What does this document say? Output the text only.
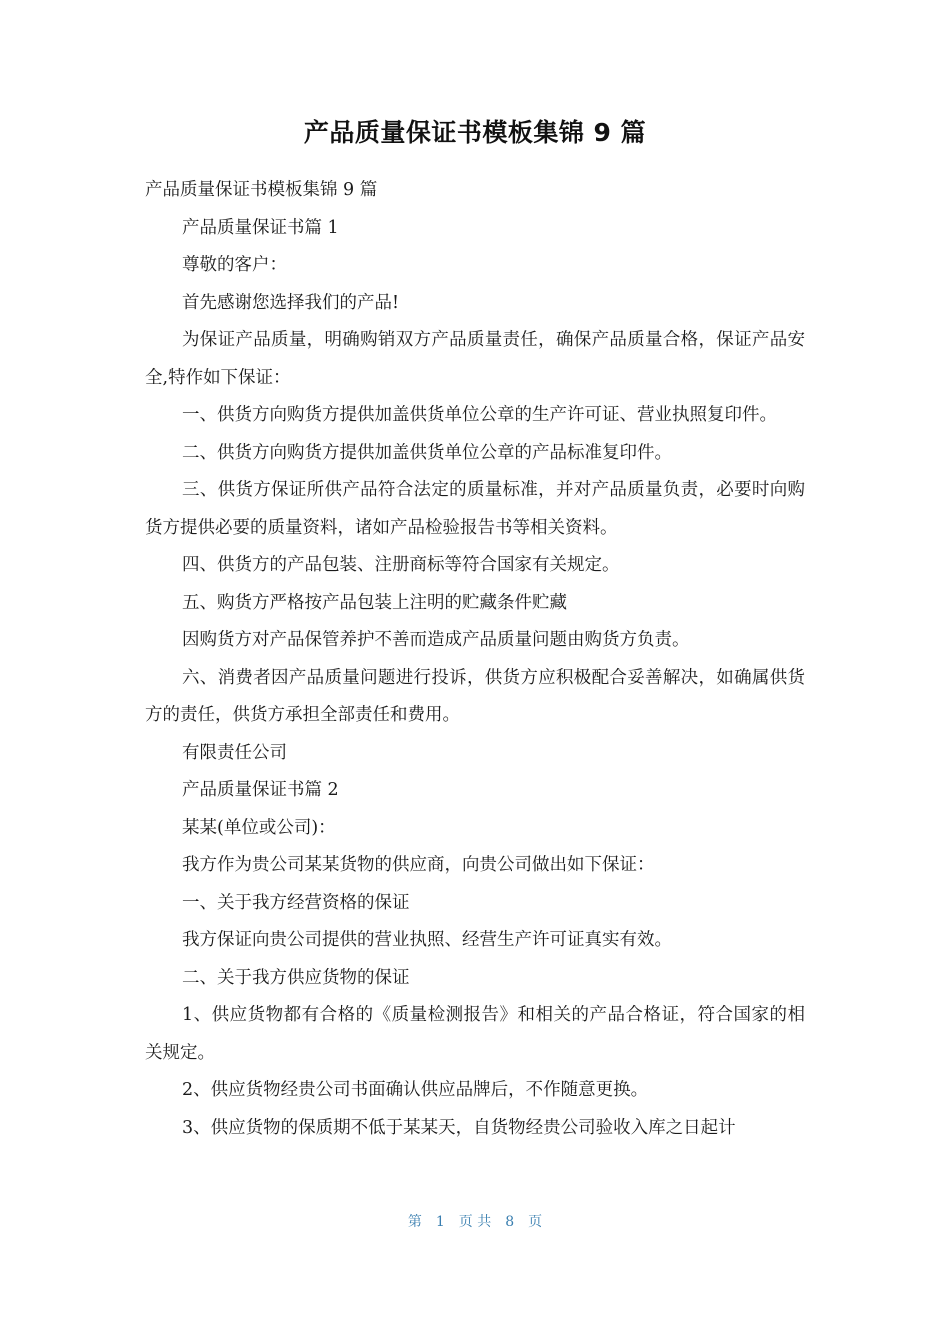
产品质量保证书模板集锦 9 篇

产品质量保证书模板集锦 9 篇

产品质量保证书篇 1

尊敬的客户：

首先感谢您选择我们的产品!

为保证产品质量，明确购销双方产品质量责任，确保产品质量合格，保证产品安全,特作如下保证：

一、供货方向购货方提供加盖供货单位公章的生产许可证、营业执照复印件。

二、供货方向购货方提供加盖供货单位公章的产品标准复印件。

三、供货方保证所供产品符合法定的质量标准，并对产品质量负责，必要时向购货方提供必要的质量资料，诸如产品检验报告书等相关资料。

四、供货方的产品包装、注册商标等符合国家有关规定。

五、购货方严格按产品包装上注明的贮藏条件贮藏

因购货方对产品保管养护不善而造成产品质量问题由购货方负责。

六、消费者因产品质量问题进行投诉，供货方应积极配合妥善解决，如确属供货方的责任，供货方承担全部责任和费用。

有限责任公司

产品质量保证书篇 2

某某(单位或公司)：

我方作为贵公司某某货物的供应商，向贵公司做出如下保证：

一、关于我方经营资格的保证

我方保证向贵公司提供的营业执照、经营生产许可证真实有效。

二、关于我方供应货物的保证

1、供应货物都有合格的《质量检测报告》和相关的产品合格证，符合国家的相关规定。

2、供应货物经贵公司书面确认供应品牌后，不作随意更换。

3、供应货物的保质期不低于某某天，自货物经贵公司验收入库之日起计

第 1 页 共 8 页
